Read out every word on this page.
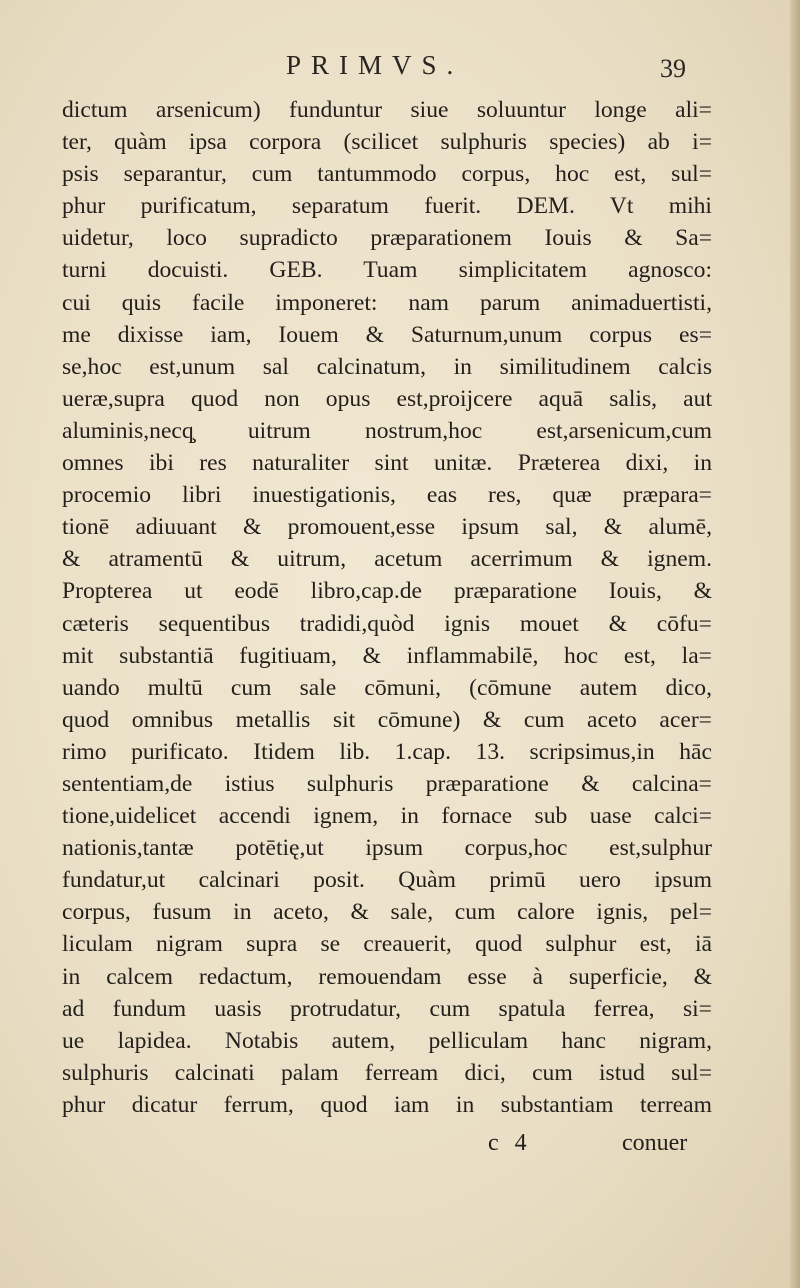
PRIMVS.	39
dictum arsenicum) funduntur siue soluuntur longe ali=
ter, quàm ipsa corpora (scilicet sulphuris species) ab i=
psis separantur, cum tantummodo corpus, hoc est, sul=
phur purificatum, separatum fuerit. DEM. Vt mihi
uidetur, loco supradicto præparationem Iouis & Sa=
turni docuisti. GEB. Tuam simplicitatem agnosco:
cui quis facile imponeret: nam parum animaduertisti,
me dixisse iam, Iouem & Saturnum,unum corpus es=
se,hoc est,unum sal calcinatum, in similitudinem calcis
ueræ,supra quod non opus est,proijcere aquā salis, aut
aluminis,necq̧ uitrum nostrum,hoc est,arsenicum,cum
omnes ibi res naturaliter sint unitæ. Præterea dixi, in
procemio libri inuestigationis, eas res, quæ præpara=
tionē adiuuant & promouent,esse ipsum sal, & alumē,
& atramentū & uitrum, acetum acerrimum & ignem.
Propterea ut eodē libro,cap.de præparatione Iouis, &
cæteris sequentibus tradidi,quòd ignis mouet & cōfu=
mit substantiā fugitiuam, & inflammabilē, hoc est, la=
uando multū cum sale cōmuni, (cōmune autem dico,
quod omnibus metallis sit cōmune) & cum aceto acer=
rimo purificato. Itidem lib. 1.cap. 13. scripsimus,in hāc
sententiam,de istius sulphuris præparatione & calcina=
tione,uidelicet accendi ignem, in fornace sub uase calci=
nationis,tantæ potētię,ut ipsum corpus,hoc est,sulphur
fundatur,ut calcinari posit. Quàm primū uero ipsum
corpus, fusum in aceto, & sale, cum calore ignis, pel=
liculam nigram supra se creauerit, quod sulphur est, iā
in calcem redactum, remouendam esse à superficie, &
ad fundum uasis protrudatur, cum spatula ferrea, si=
ue lapidea. Notabis autem, pelliculam hanc nigram,
sulphuris calcinati palam ferream dici, cum istud sul=
phur dicatur ferrum, quod iam in substantiam terream
c 4	conuer
